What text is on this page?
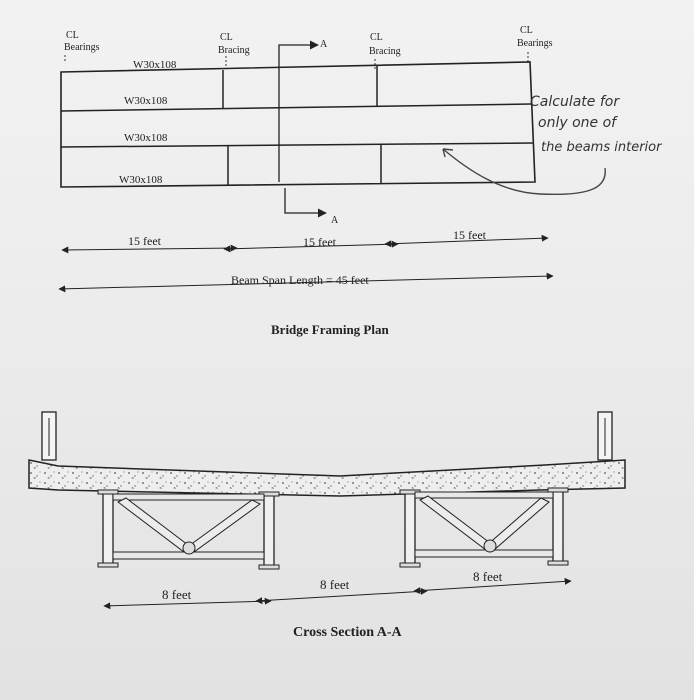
CL
Bearings
CL
Bracing
CL
Bracing
CL
Bearings
A
A
W30x108
W30x108
W30x108
W30x108
15 feet	15 feet	15 feet
Beam Span Length = 45 feet
Bridge Framing Plan
Calculate for
only one of
the beams interior
8 feet
8 feet
8 feet
Cross Section A-A
